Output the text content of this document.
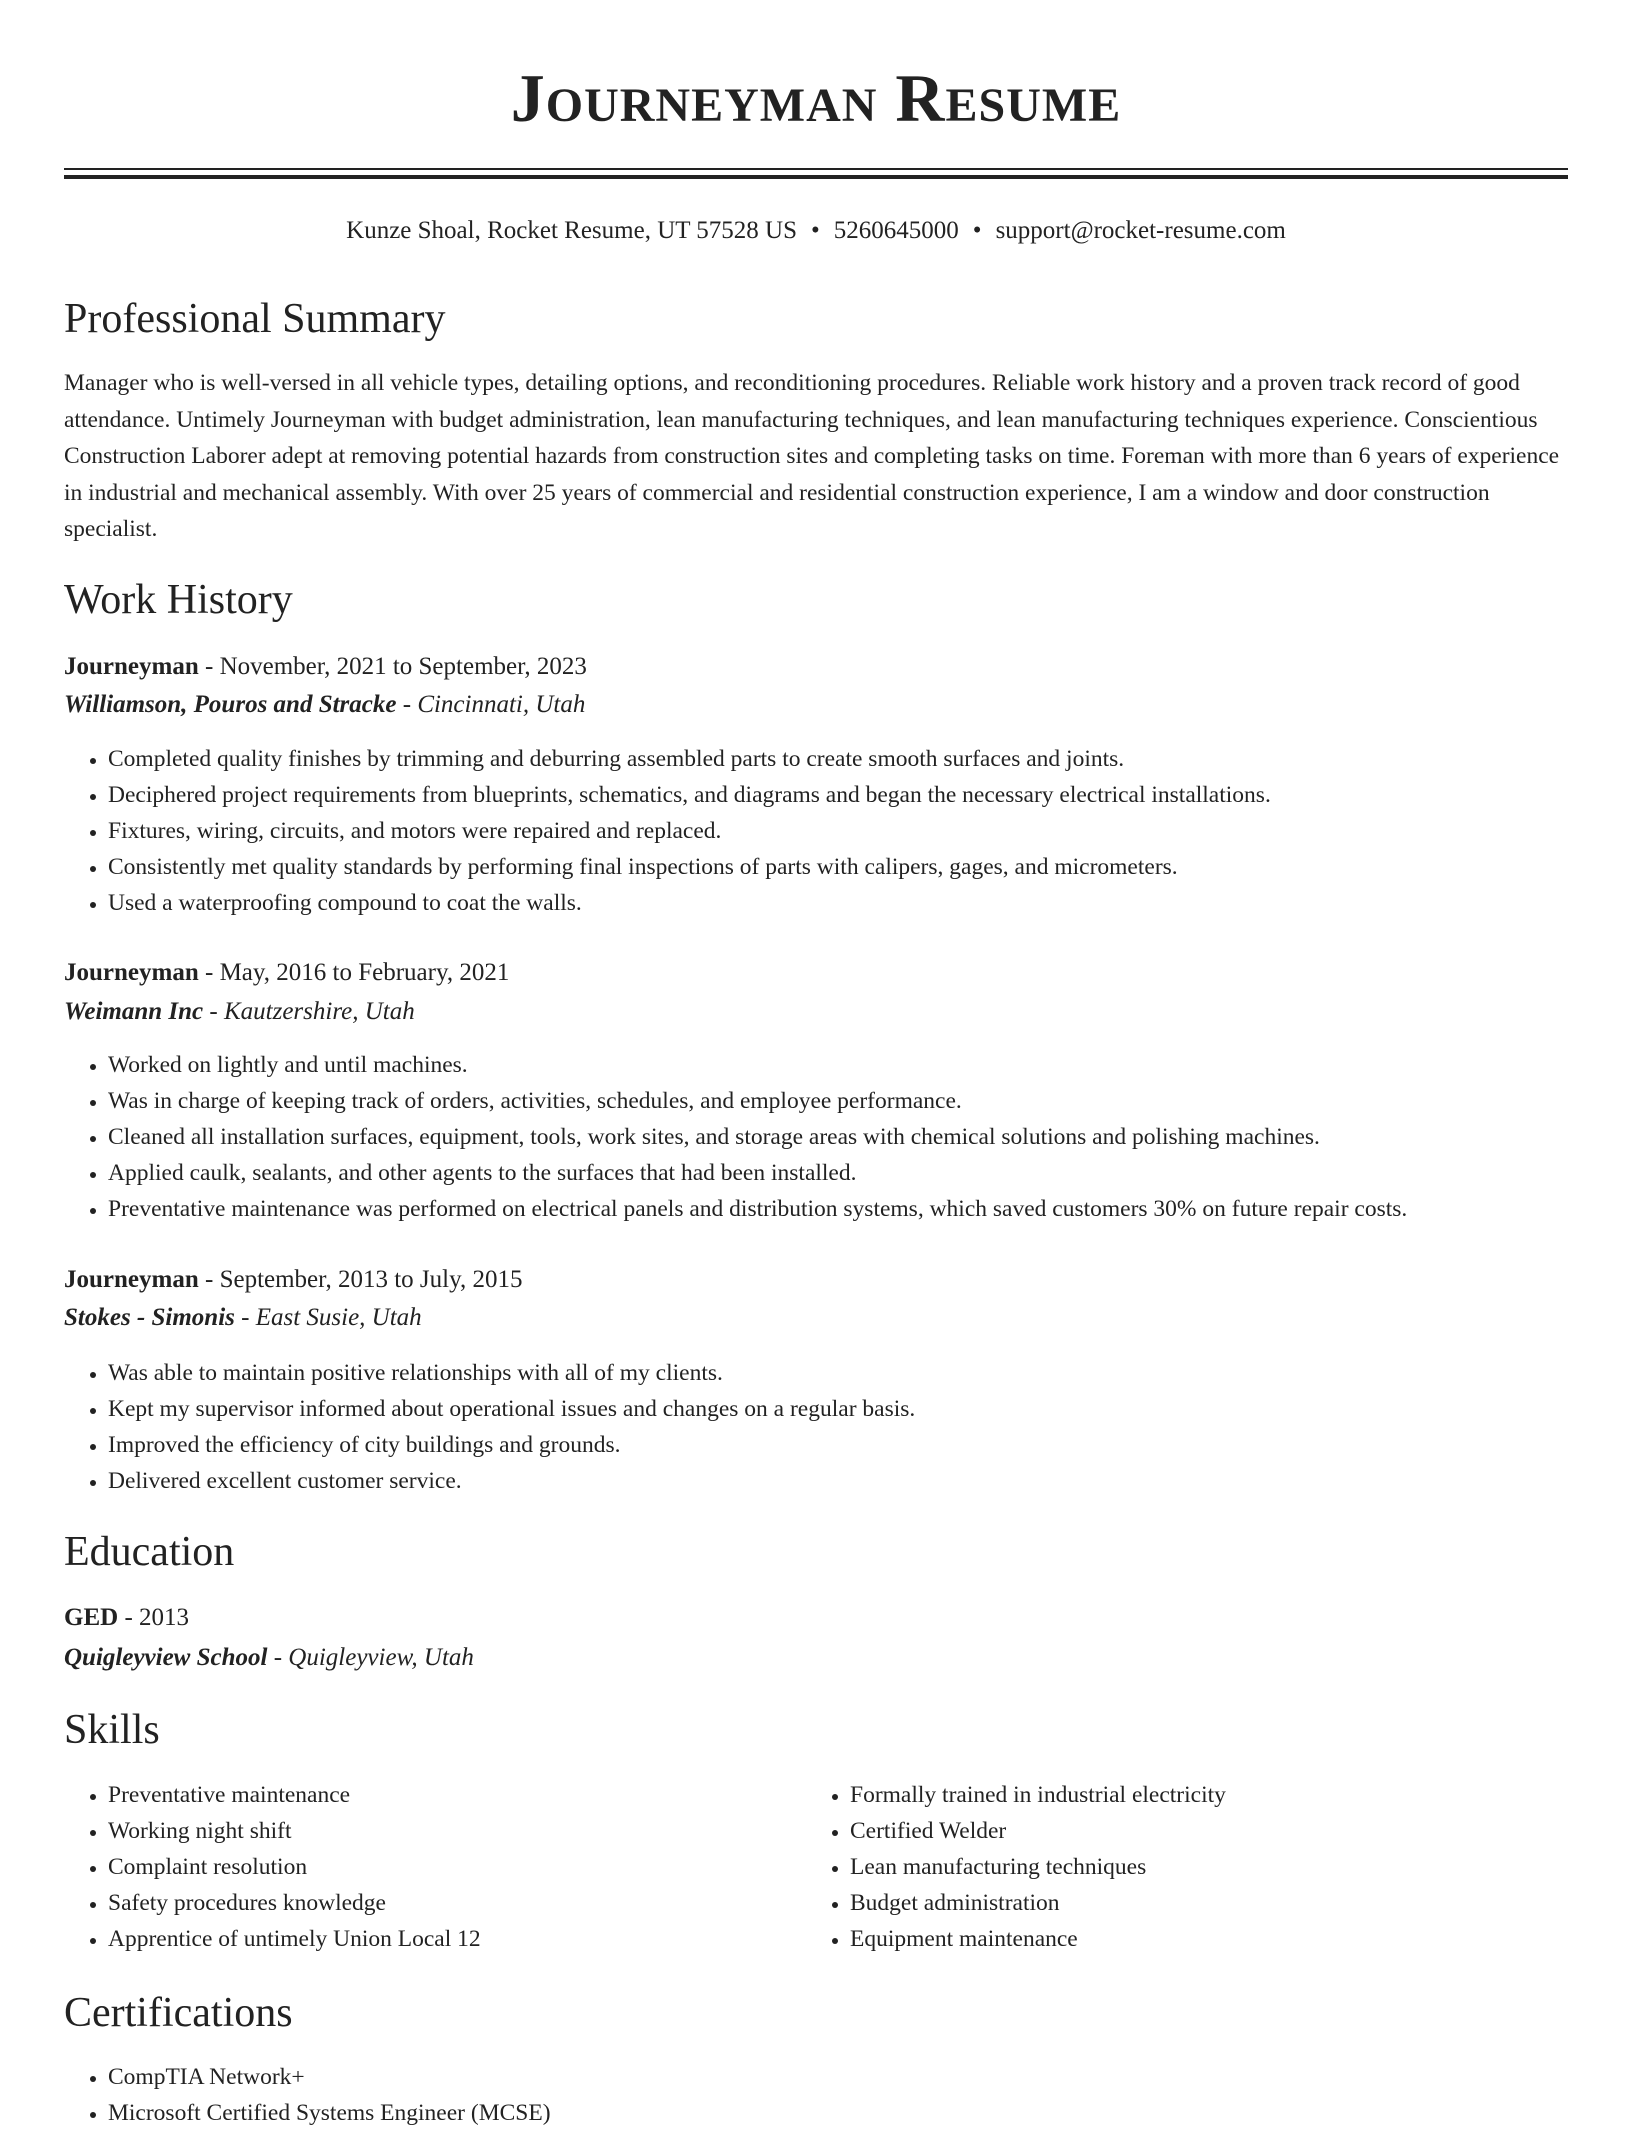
Journeyman Resume
Kunze Shoal, Rocket Resume, UT 57528 US • 5260645000 • support@rocket-resume.com
Professional Summary

Manager who is well-versed in all vehicle types, detailing options, and reconditioning procedures. Reliable work history and a proven track record of good attendance. Untimely Journeyman with budget administration, lean manufacturing techniques, and lean manufacturing techniques experience. Conscientious Construction Laborer adept at removing potential hazards from construction sites and completing tasks on time. Foreman with more than 6 years of experience in industrial and mechanical assembly. With over 25 years of commercial and residential construction experience, I am a window and door construction specialist.

Work History
Journeyman - November, 2021 to September, 2023
Williamson, Pouros and Stracke - Cincinnati, Utah
• Completed quality finishes by trimming and deburring assembled parts to create smooth surfaces and joints.
• Deciphered project requirements from blueprints, schematics, and diagrams and began the necessary electrical installations.
• Fixtures, wiring, circuits, and motors were repaired and replaced.
• Consistently met quality standards by performing final inspections of parts with calipers, gages, and micrometers.
• Used a waterproofing compound to coat the walls.
Journeyman - May, 2016 to February, 2021
Weimann Inc - Kautzershire, Utah
• Worked on lightly and until machines.
• Was in charge of keeping track of orders, activities, schedules, and employee performance.
• Cleaned all installation surfaces, equipment, tools, work sites, and storage areas with chemical solutions and polishing machines.
• Applied caulk, sealants, and other agents to the surfaces that had been installed.
• Preventative maintenance was performed on electrical panels and distribution systems, which saved customers 30% on future repair costs.
Journeyman - September, 2013 to July, 2015
Stokes - Simonis - East Susie, Utah
• Was able to maintain positive relationships with all of my clients.
• Kept my supervisor informed about operational issues and changes on a regular basis.
• Improved the efficiency of city buildings and grounds.
• Delivered excellent customer service.
Education
GED - 2013
Quigleyview School - Quigleyview, Utah
Skills
• Preventative maintenance
• Working night shift
• Complaint resolution
• Safety procedures knowledge
• Apprentice of untimely Union Local 12
• Formally trained in industrial electricity
• Certified Welder
• Lean manufacturing techniques
• Budget administration
• Equipment maintenance
Certifications
• CompTIA Network+
• Microsoft Certified Systems Engineer (MCSE)
